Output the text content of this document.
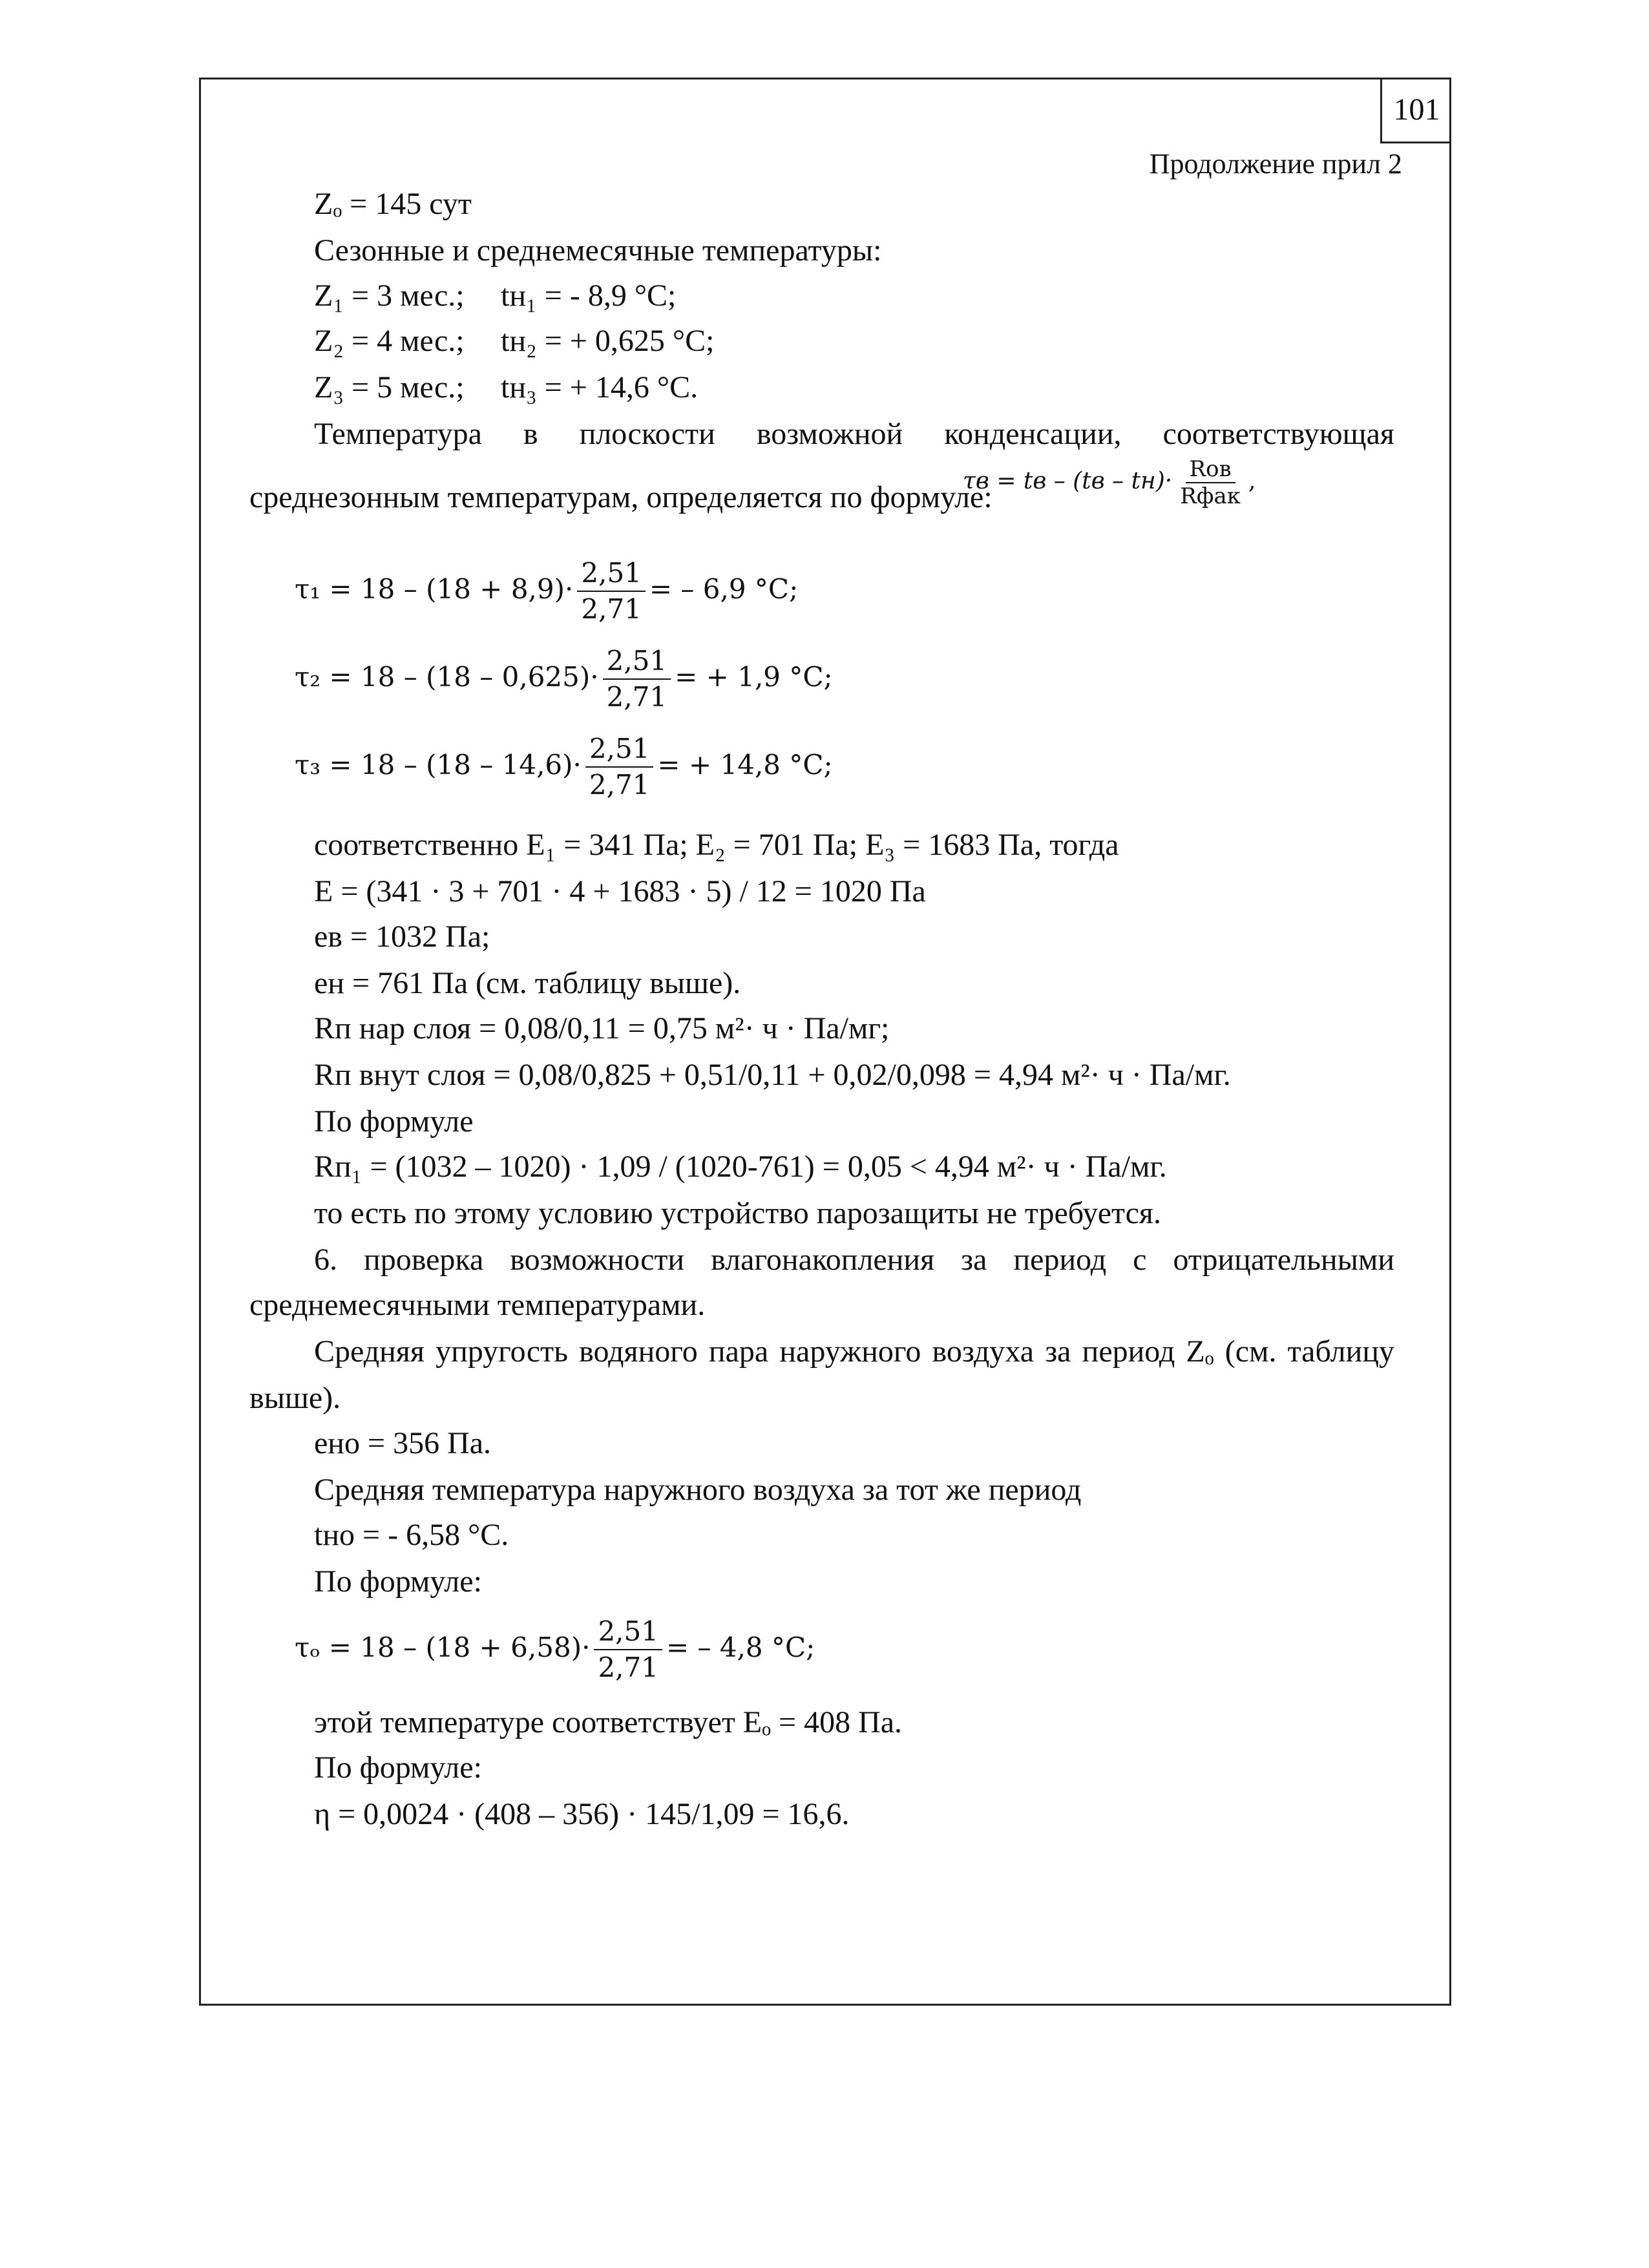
101
Продолжение прил 2
Zₒ = 145 сут
Сезонные и среднемесячные температуры:
Z₁ = 3 мес.; tн₁ = - 8,9 °C;
Z₂ = 4 мес.; tн₂ = + 0,625 °C;
Z₃ = 5 мес.; tн₃ = + 14,6 °C.
Температура в плоскости возможной конденсации, соответствующая
среднезонным температурам, определяется по формуле:
τв = tв – $(tв - tн)\cdot \frac{\text{Rов}}{\text{Rфак}}$ ,
$\tau_1 = 18 - (18 + 8,9)\cdot \frac{2,51}{2,71}$ = – 6,9 °C;
$\tau_2 = 18 - (18 - 0,625)\cdot \frac{2,51}{2,71}$ = + 1,9 °C;
$\tau_3 = 18 - (18 - 14,6)\cdot \frac{2,51}{2,71}$ = + 14,8 °C;
соответственно E₁ = 341 Па; E₂ = 701 Па; E₃ = 1683 Па, тогда
E = (341 · 3 + 701 · 4 + 1683 · 5) / 12 = 1020 Па
eв = 1032 Па;
eн = 761 Па (см. таблицу выше).
Rп нар слоя = 0,08/0,11 = 0,75 м²· ч · Па/мг;
Rп внут слоя = 0,08/0,825 + 0,51/0,11 + 0,02/0,098 = 4,94 м²· ч · Па/мг.
По формуле
Rп₁ = (1032 – 1020) · 1,09 / (1020-761) = 0,05 < 4,94 м²· ч · Па/мг.
то есть по этому условию устройство парозащиты не требуется.
6. проверка возможности влагонакопления за период с отрицательными
среднемесячными температурами.
Средняя упругость водяного пара наружного воздуха за период Zₒ (см. таблицу
выше).
eно = 356 Па.
Средняя температура наружного воздуха за тот же период
tно = - 6,58 °C.
По формуле:
$\tau_o = 18 - (18 + 6,58)\cdot \frac{2,51}{2,71}$ = – 4,8 °C;
этой температуре соответствует Eₒ = 408 Па.
По формуле:
η = 0,0024 · (408 – 356) · 145/1,09 = 16,6.
